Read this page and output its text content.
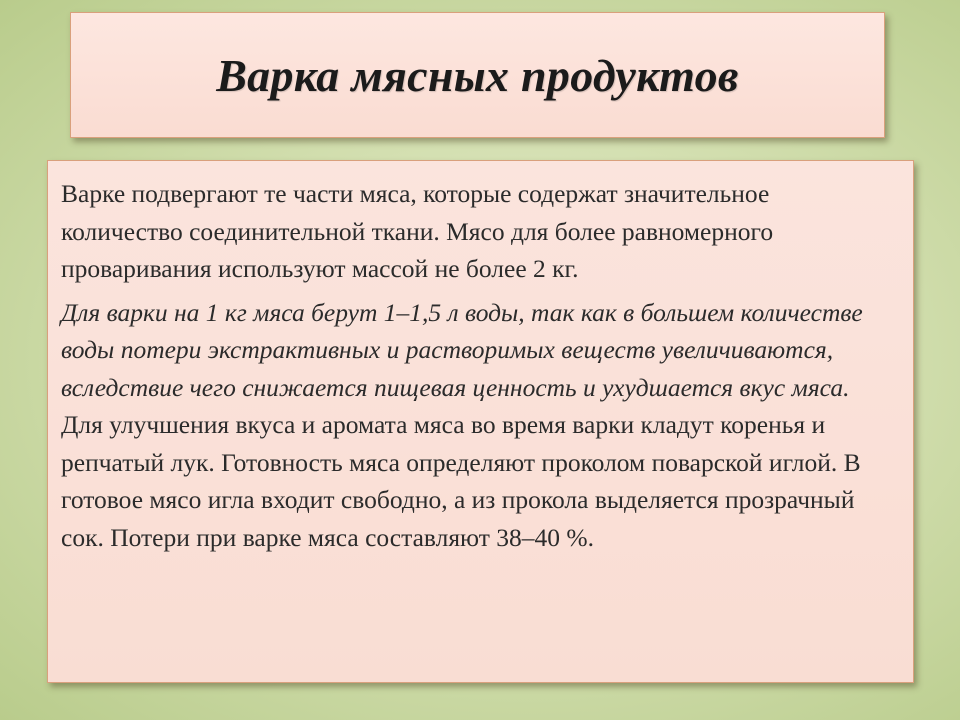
Варка мясных продуктов

Варке подвергают те части мяса, которые содержат значительное количество соединительной ткани. Мясо для более равномерного проваривания используют массой не более 2 кг.

Для варки на 1 кг мяса берут 1–1,5 л воды, так как в большем количестве воды потери экстрактивных и растворимых веществ увеличиваются, вследствие чего снижается пищевая ценность и ухудшается вкус мяса. Для улучшения вкуса и аромата мяса во время варки кладут коренья и репчатый лук. Готовность мяса определяют проколом поварской иглой. В готовое мясо игла входит свободно, а из прокола выделяется прозрачный сок. Потери при варке мяса составляют 38–40 %.
